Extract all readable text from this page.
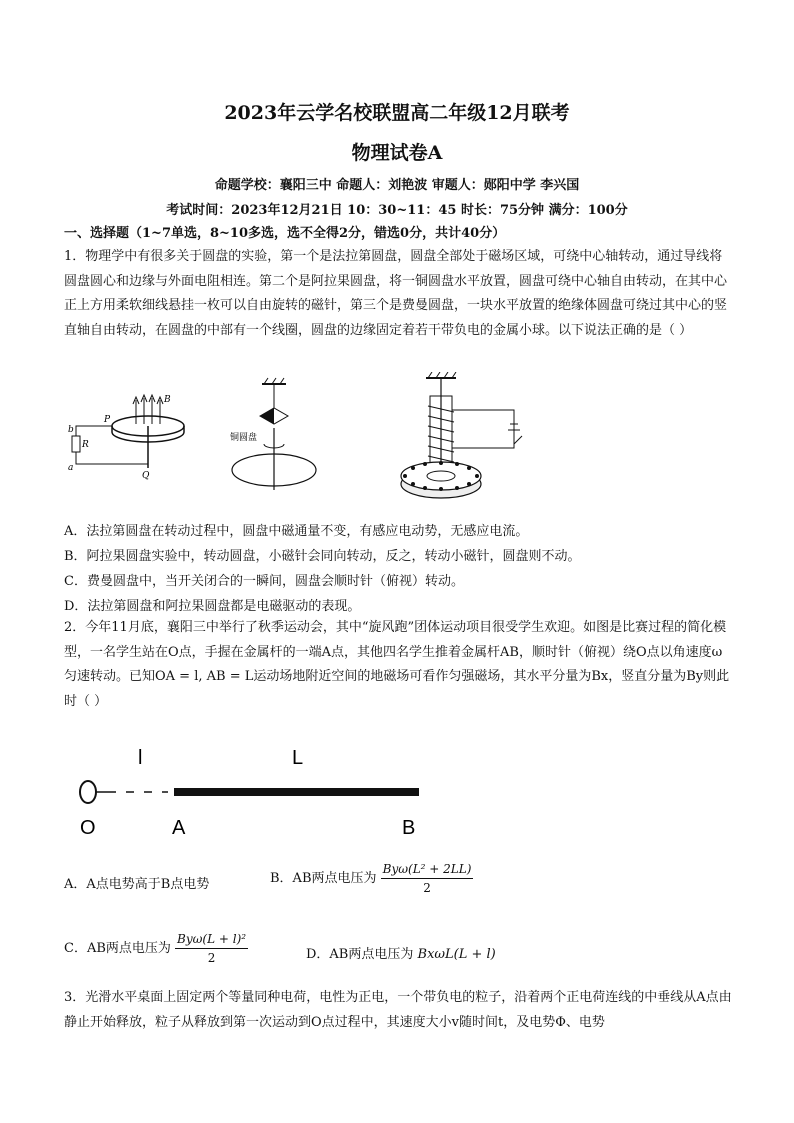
2023年云学名校联盟高二年级12月联考
物理试卷A
命题学校：襄阳三中 命题人：刘艳波 审题人：郧阳中学 李兴国
考试时间：2023年12月21日 10：30~11：45 时长：75分钟 满分：100分
一、选择题（1~7单选，8~10多选，选不全得2分，错选0分，共计40分）
1．物理学中有很多关于圆盘的实验，第一个是法拉第圆盘，圆盘全部处于磁场区域，可绕中心轴转动，通过导线将圆盘圆心和边缘与外面电阻相连。第二个是阿拉果圆盘，将一铜圆盘水平放置，圆盘可绕中心轴自由转动，在其中心正上方用柔软细线悬挂一枚可以自由旋转的磁针，第三个是费曼圆盘，一块水平放置的绝缘体圆盘可绕过其中心的竖直轴自由转动，在圆盘的中部有一个线圈，圆盘的边缘固定着若干带负电的金属小球。以下说法正确的是（ ）
B
P
R
b
a
Q
铜圆盘
A．法拉第圆盘在转动过程中，圆盘中磁通量不变，有感应电动势，无感应电流。
B．阿拉果圆盘实验中，转动圆盘，小磁针会同向转动，反之，转动小磁针，圆盘则不动。
C．费曼圆盘中，当开关闭合的一瞬间，圆盘会顺时针（俯视）转动。
D．法拉第圆盘和阿拉果圆盘都是电磁驱动的表现。
2．今年11月底，襄阳三中举行了秋季运动会，其中“旋风跑”团体运动项目很受学生欢迎。如图是比赛过程的简化模型，一名学生站在O点，手握在金属杆的一端A点，其他四名学生推着金属杆AB，顺时针（俯视）绕O点以角速度ω匀速转动。已知OA = l, AB = L运动场地附近空间的地磁场可看作匀强磁场，其水平分量为Bx，竖直分量为By则此时（ ）
l	L
O	A	B
A．A点电势高于B点电势	B．AB两点电压为 $\frac{\text{Byω(L² + 2LL)}}{2}$
C．AB两点电压为 $\frac{\text{Byω(L + l)²}}{2}$	D．AB两点电压为 BxωL(L + l)
3．光滑水平桌面上固定两个等量同种电荷，电性为正电，一个带负电的粒子，沿着两个正电荷连线的中垂线从A点由静止开始释放，粒子从释放到第一次运动到O点过程中，其速度大小v随时间t，及电势Φ、电势
